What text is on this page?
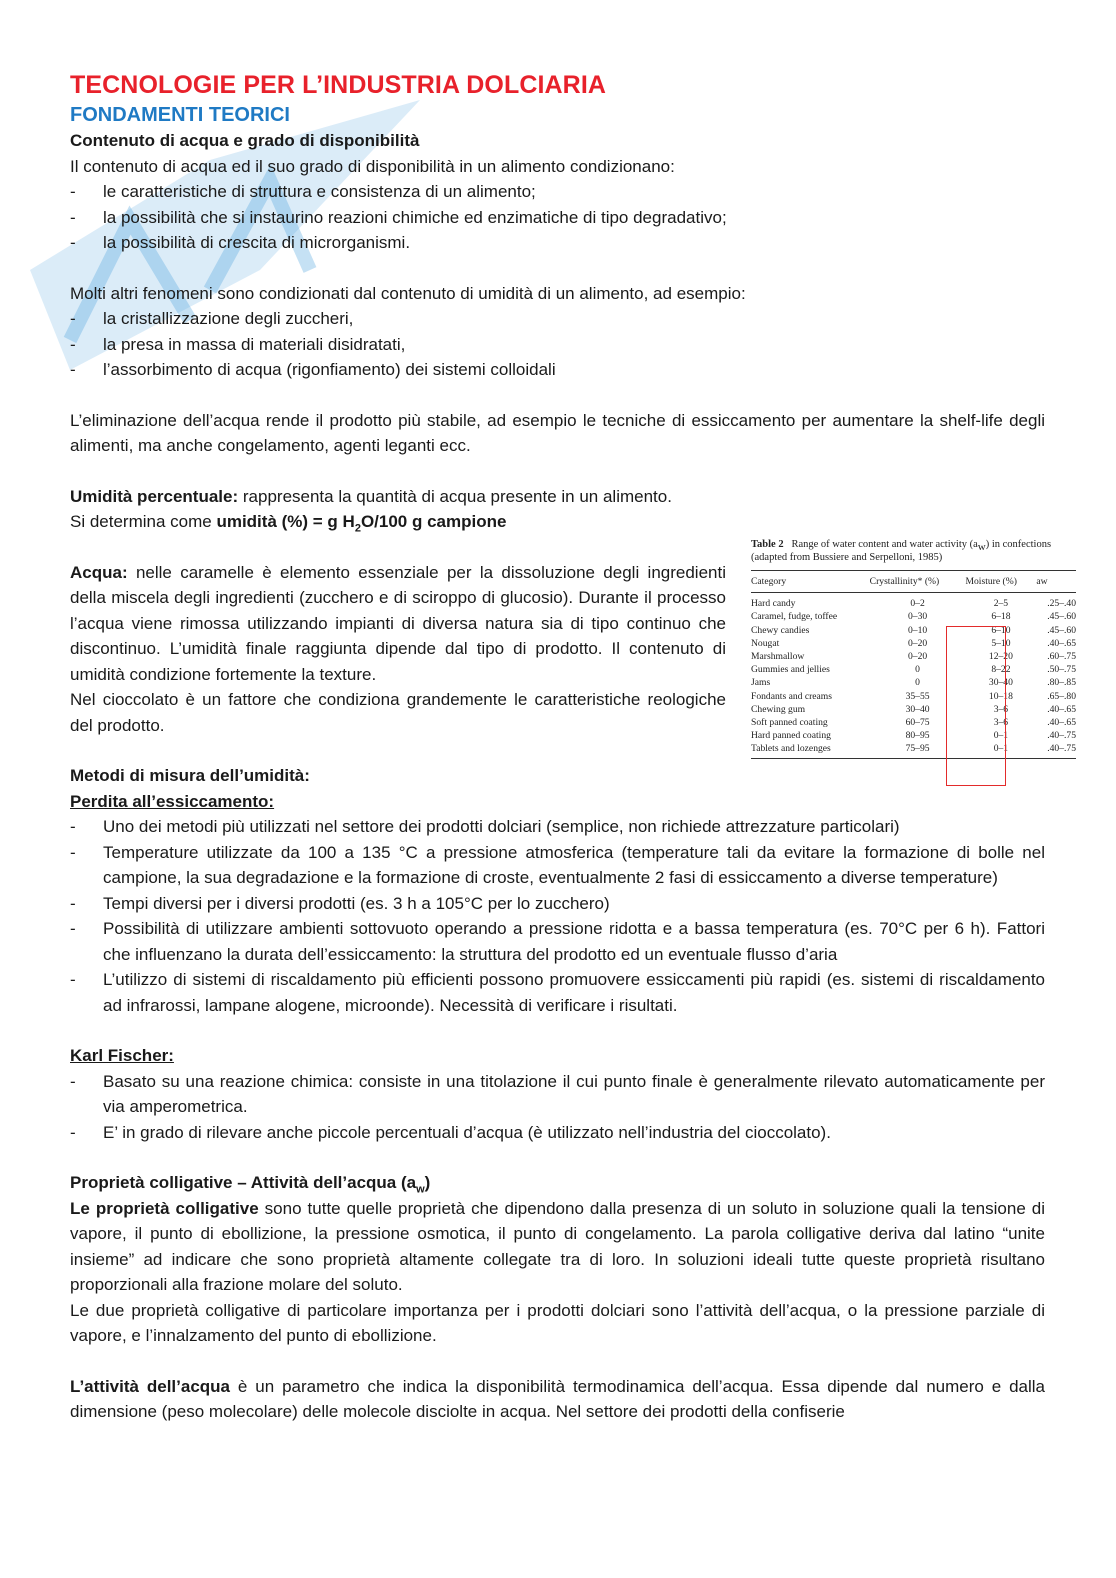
TECNOLOGIE PER L’INDUSTRIA DOLCIARIA
FONDAMENTI TEORICI

Contenuto di acqua e grado di disponibilità

Il contenuto di acqua ed il suo grado di disponibilità in un alimento condizionano:

- le caratteristiche di struttura e consistenza di un alimento;
- la possibilità che si instaurino reazioni chimiche ed enzimatiche di tipo degradativo;
- la possibilità di crescita di microrganismi.

Molti altri fenomeni sono condizionati dal contenuto di umidità di un alimento, ad esempio:

- la cristallizzazione degli zuccheri,
- la presa in massa di materiali disidratati,
- l’assorbimento di acqua (rigonfiamento) dei sistemi colloidali

L’eliminazione dell’acqua rende il prodotto più stabile, ad esempio le tecniche di essiccamento per aumentare la shelf-life degli alimenti, ma anche congelamento, agenti leganti ecc.

Umidità percentuale: rappresenta la quantità di acqua presente in un alimento.

Si determina come umidità (%) = g $H_2O/100$ g campione

Acqua: nelle caramelle è elemento essenziale per la dissoluzione degli ingredienti della miscela degli ingredienti (zucchero e di sciroppo di glucosio). Durante il processo l’acqua viene rimossa utilizzando impianti di diversa natura sia di tipo continuo che discontinuo. L’umidità finale raggiunta dipende dal tipo di prodotto. Il contenuto di umidità condizione fortemente la texture.

Nel cioccolato è un fattore che condiziona grandemente le caratteristiche reologiche del prodotto.

Metodi di misura dell’umidità:

Perdita all’essiccamento:

- Uno dei metodi più utilizzati nel settore dei prodotti dolciari (semplice, non richiede attrezzature particolari)
- Temperature utilizzate da 100 a 135 °C a pressione atmosferica (temperature tali da evitare la formazione di bolle nel campione, la sua degradazione e la formazione di croste, eventualmente 2 fasi di essiccamento a diverse temperature)
- Tempi diversi per i diversi prodotti (es. 3 h a 105°C per lo zucchero)
- Possibilità di utilizzare ambienti sottovuoto operando a pressione ridotta e a bassa temperatura (es. 70°C per 6 h). Fattori che influenzano la durata dell’essiccamento: la struttura del prodotto ed un eventuale flusso d’aria
- L’utilizzo di sistemi di riscaldamento più efficienti possono promuovere essiccamenti più rapidi (es. sistemi di riscaldamento ad infrarossi, lampane alogene, microonde). Necessità di verificare i risultati.

Karl Fischer:

- Basato su una reazione chimica: consiste in una titolazione il cui punto finale è generalmente rilevato automaticamente per via amperometrica.
- E’ in grado di rilevare anche piccole percentuali d’acqua (è utilizzato nell’industria del cioccolato).

Proprietà colligative – Attività dell’acqua $(a_w)$

Le proprietà colligative sono tutte quelle proprietà che dipendono dalla presenza di un soluto in soluzione quali la tensione di vapore, il punto di ebollizione, la pressione osmotica, il punto di congelamento. La parola colligative deriva dal latino “unite insieme” ad indicare che sono proprietà altamente collegate tra di loro. In soluzioni ideali tutte queste proprietà risultano proporzionali alla frazione molare del soluto.

Le due proprietà colligative di particolare importanza per i prodotti dolciari sono l’attività dell’acqua, o la pressione parziale di vapore, e l’innalzamento del punto di ebollizione.

L’attività dell’acqua è un parametro che indica la disponibilità termodinamica dell’acqua. Essa dipende dal numero e dalla dimensione (peso molecolare) delle molecole disciolte in acqua. Nel settore dei prodotti della confiserie

Table 2 Range of water content and water activity $(a_w)$ in confections (adapted from Bussiere and Serpelloni, 1985)
Category	Crystallinity* (%)	Moisture (%)	aw
Hard candy	0–2	2–5	.25–.40
Caramel, fudge, toffee	0–30	6–18	.45–.60
Chewy candies	0–10	6–10	.45–.60
Nougat	0–20	5–10	.40–.65
Marshmallow	0–20	12–20	.60–.75
Gummies and jellies	0	8–22	.50–.75
Jams	0	30–40	.80–.85
Fondants and creams	35–55	10–18	.65–.80
Chewing gum	30–40	3–6	.40–.65
Soft panned coating	60–75	3–6	.40–.65
Hard panned coating	80–95	0–1	.40–.75
Tablets and lozenges	75–95	0–1	.40–.75
